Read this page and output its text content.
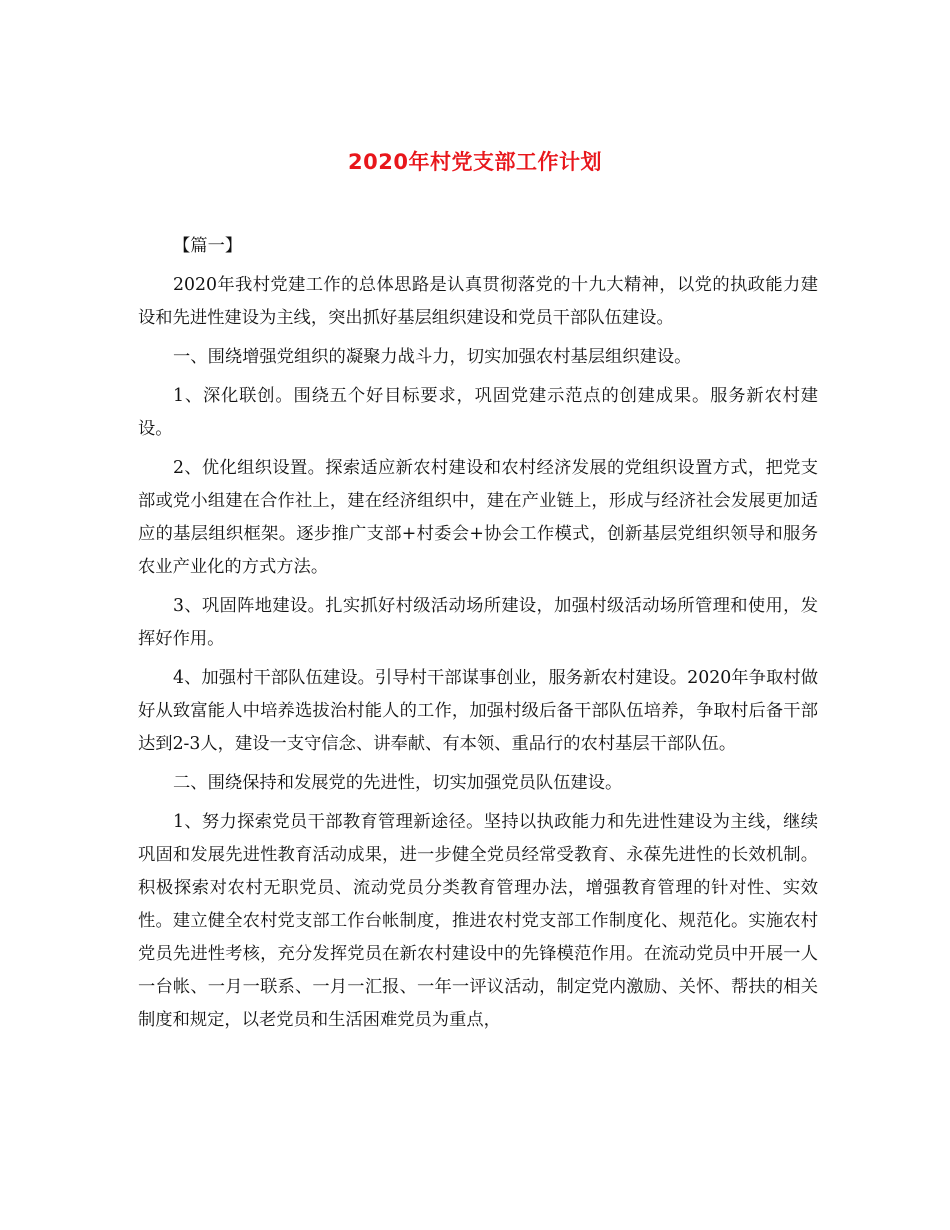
2020年村党支部工作计划
【篇一】

2020年我村党建工作的总体思路是认真贯彻落党的十九大精神，以党的执政能力建设和先进性建设为主线，突出抓好基层组织建设和党员干部队伍建设。

一、围绕增强党组织的凝聚力战斗力，切实加强农村基层组织建设。

1、深化联创。围绕五个好目标要求，巩固党建示范点的创建成果。服务新农村建设。

2、优化组织设置。探索适应新农村建设和农村经济发展的党组织设置方式，把党支部或党小组建在合作社上，建在经济组织中，建在产业链上，形成与经济社会发展更加适应的基层组织框架。逐步推广支部+村委会+协会工作模式，创新基层党组织领导和服务农业产业化的方式方法。

3、巩固阵地建设。扎实抓好村级活动场所建设，加强村级活动场所管理和使用，发挥好作用。

4、加强村干部队伍建设。引导村干部谋事创业，服务新农村建设。2020年争取村做好从致富能人中培养选拔治村能人的工作，加强村级后备干部队伍培养，争取村后备干部达到2-3人，建设一支守信念、讲奉献、有本领、重品行的农村基层干部队伍。

二、围绕保持和发展党的先进性，切实加强党员队伍建设。

1、努力探索党员干部教育管理新途径。坚持以执政能力和先进性建设为主线，继续巩固和发展先进性教育活动成果，进一步健全党员经常受教育、永葆先进性的长效机制。积极探索对农村无职党员、流动党员分类教育管理办法，增强教育管理的针对性、实效性。建立健全农村党支部工作台帐制度，推进农村党支部工作制度化、规范化。实施农村党员先进性考核，充分发挥党员在新农村建设中的先锋模范作用。在流动党员中开展一人一台帐、一月一联系、一月一汇报、一年一评议活动，制定党内激励、关怀、帮扶的相关制度和规定，以老党员和生活困难党员为重点，
